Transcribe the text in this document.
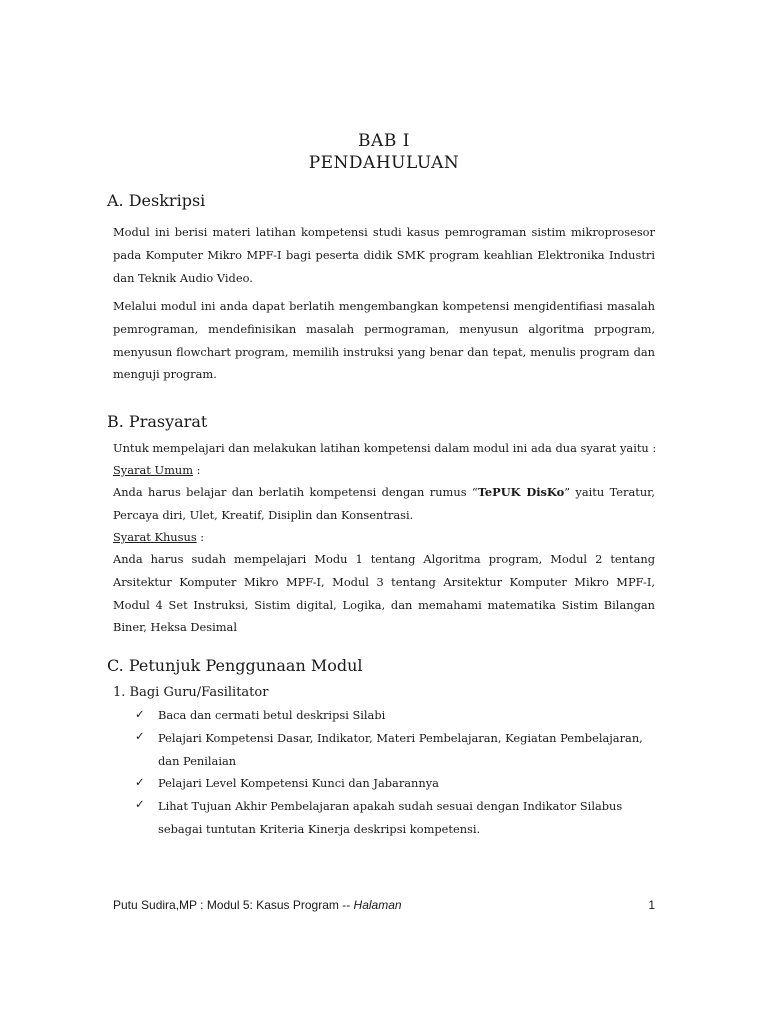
BAB I
PENDAHULUAN
A. Deskripsi
Modul ini berisi materi latihan kompetensi studi kasus pemrograman sistim mikroprosesor pada Komputer Mikro MPF-I bagi peserta didik SMK program keahlian Elektronika Industri dan Teknik Audio Video.
Melalui modul ini anda dapat berlatih mengembangkan kompetensi mengidentifiasi masalah pemrograman, mendefinisikan masalah permograman, menyusun algoritma prpogram, menyusun flowchart program, memilih instruksi yang benar dan tepat, menulis program dan menguji program.
B. Prasyarat
Untuk mempelajari dan melakukan latihan kompetensi dalam modul ini ada dua syarat yaitu :
Syarat Umum :
Anda harus belajar dan berlatih kompetensi dengan rumus “TePUK DisKo” yaitu Teratur, Percaya diri, Ulet, Kreatif, Disiplin dan Konsentrasi.
Syarat Khusus :
Anda harus sudah mempelajari Modu 1 tentang Algoritma program, Modul 2 tentang Arsitektur Komputer Mikro MPF-I, Modul 3 tentang Arsitektur Komputer Mikro MPF-I, Modul 4 Set Instruksi, Sistim digital, Logika, dan memahami matematika Sistim Bilangan Biner, Heksa Desimal
C. Petunjuk Penggunaan Modul
1. Bagi Guru/Fasilitator
✓ Baca dan cermati betul deskripsi Silabi
✓ Pelajari Kompetensi Dasar, Indikator, Materi Pembelajaran, Kegiatan Pembelajaran, dan Penilaian
✓ Pelajari Level Kompetensi Kunci dan Jabarannya
✓ Lihat Tujuan Akhir Pembelajaran apakah sudah sesuai dengan Indikator Silabus sebagai tuntutan Kriteria Kinerja deskripsi kompetensi.
Putu Sudira,MP : Modul 5: Kasus Program -- Halaman	1
